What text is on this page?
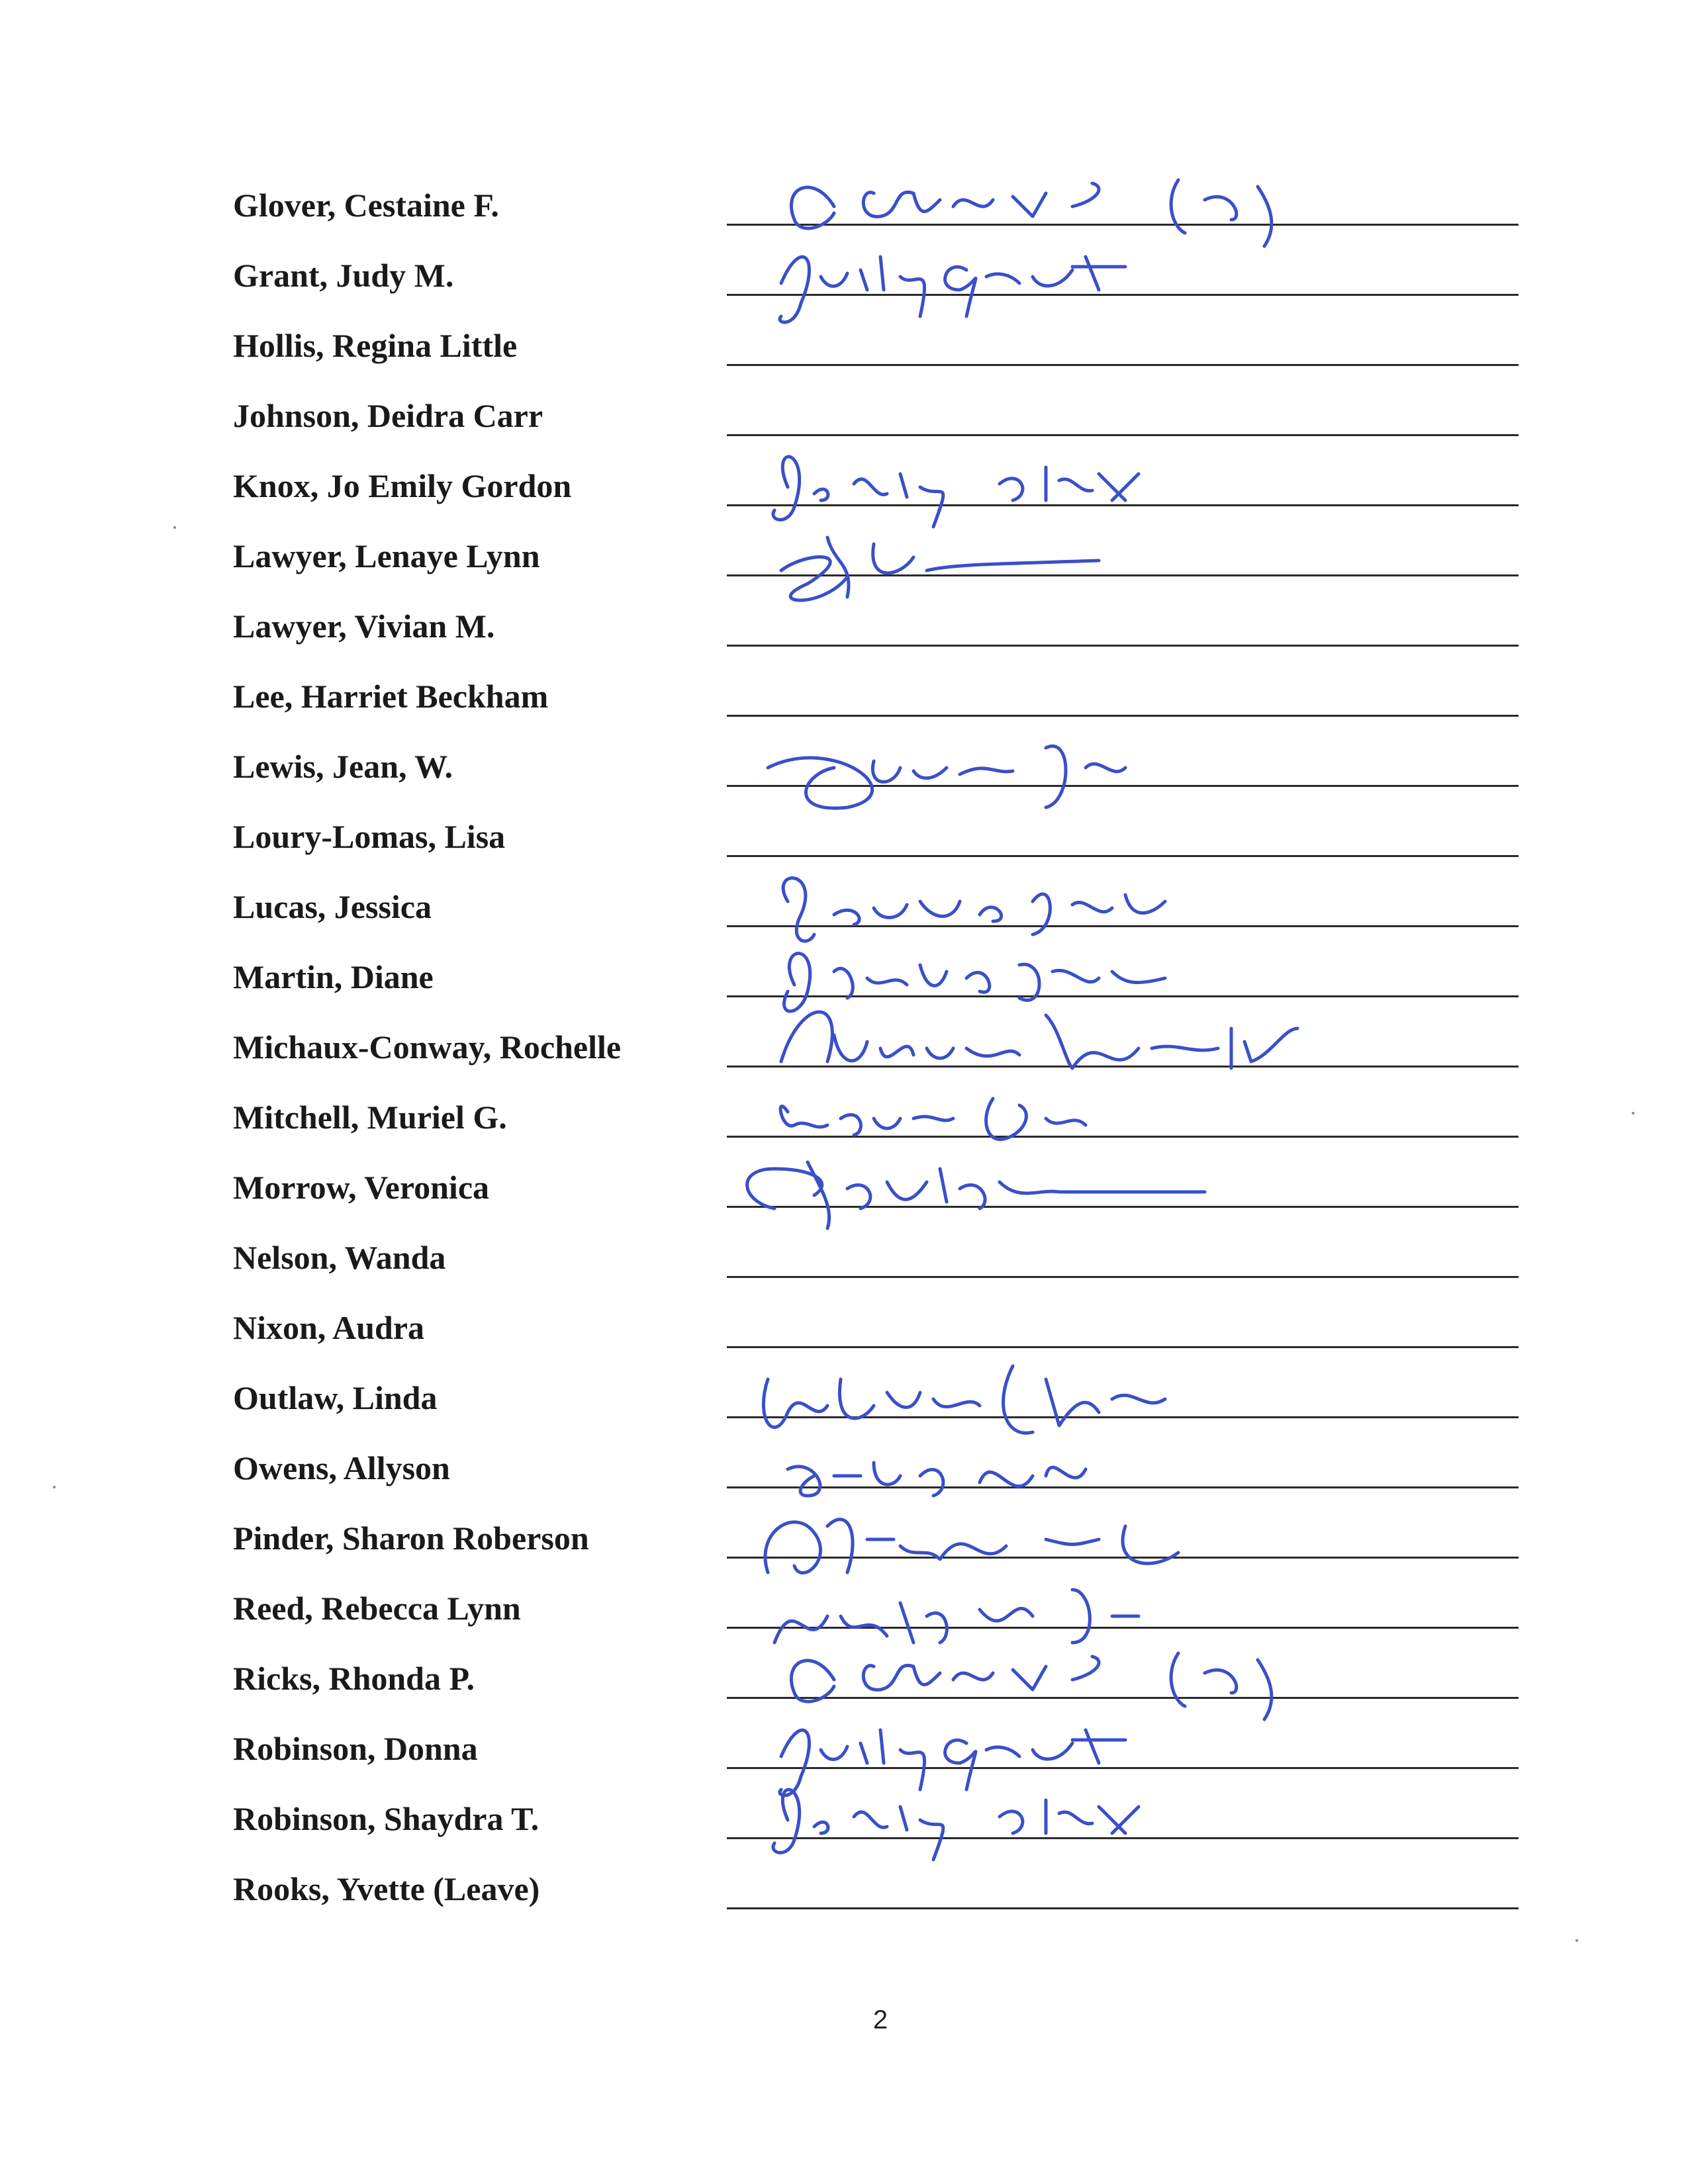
2
Glover, Cestaine F.
Grant, Judy M.
Hollis, Regina Little
Johnson, Deidra Carr
Knox, Jo Emily Gordon
Lawyer, Lenaye Lynn
Lawyer, Vivian M.
Lee, Harriet Beckham
Lewis, Jean, W.
Loury-Lomas, Lisa
Lucas, Jessica
Martin, Diane
Michaux-Conway, Rochelle
Mitchell, Muriel G.
Morrow, Veronica
Nelson, Wanda
Nixon, Audra
Outlaw, Linda
Owens, Allyson
Pinder, Sharon Roberson
Reed, Rebecca Lynn
Ricks, Rhonda P.
Robinson, Donna
Robinson, Shaydra T.
Rooks, Yvette (Leave)
